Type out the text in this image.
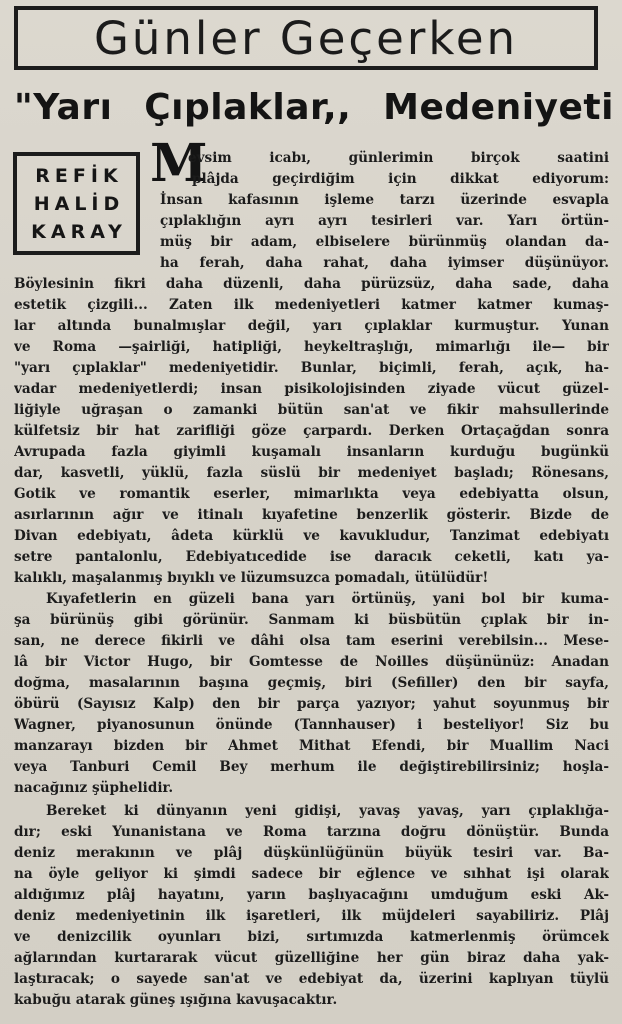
Günler Geçerken
"Yarı Çıplaklar,, Medeniyeti
REFİK
HALİD
KARAY
M
evsim icabı, günlerimin birçok saatini
plâjda geçirdiğim için dikkat ediyorum:
İnsan kafasının işleme tarzı üzerinde esvapla
çıplaklığın ayrı ayrı tesirleri var. Yarı örtün-
müş bir adam, elbiselere bürünmüş olandan da-
ha ferah, daha rahat, daha iyimser düşünüyor.
Böylesinin fikri daha düzenli, daha pürüzsüz, daha sade, daha
estetik çizgili... Zaten ilk medeniyetleri katmer katmer kumaş-
lar altında bunalmışlar değil, yarı çıplaklar kurmuştur. Yunan
ve Roma —şairliği, hatipliği, heykeltraşlığı, mimarlığı ile— bir
"yarı çıplaklar" medeniyetidir. Bunlar, biçimli, ferah, açık, ha-
vadar medeniyetlerdi; insan pisikolojisinden ziyade vücut güzel-
liğiyle uğraşan o zamanki bütün san'at ve fikir mahsullerinde
külfetsiz bir hat zarifliği göze çarpardı. Derken Ortaçağdan sonra
Avrupada fazla giyimli kuşamalı insanların kurduğu bugünkü
dar, kasvetli, yüklü, fazla süslü bir medeniyet başladı; Rönesans,
Gotik ve romantik eserler, mimarlıkta veya edebiyatta olsun,
asırlarının ağır ve itinalı kıyafetine benzerlik gösterir. Bizde de
Divan edebiyatı, âdeta kürklü ve kavukludur, Tanzimat edebiyatı
setre pantalonlu, Edebiyatıcedide ise daracık ceketli, katı ya-
kalıklı, maşalanmış bıyıklı ve lüzumsuzca pomadalı, ütülüdür!
Kıyafetlerin en güzeli bana yarı örtünüş, yani bol bir kuma-
şa bürünüş gibi görünür. Sanmam ki büsbütün çıplak bir in-
san, ne derece fikirli ve dâhi olsa tam eserini verebilsin... Mese-
lâ bir Victor Hugo, bir Gomtesse de Noilles düşününüz: Anadan
doğma, masalarının başına geçmiş, biri (Sefiller) den bir sayfa,
öbürü (Sayısız Kalp) den bir parça yazıyor; yahut soyunmuş bir
Wagner, piyanosunun önünde (Tannhauser) i besteliyor! Siz bu
manzarayı bizden bir Ahmet Mithat Efendi, bir Muallim Naci
veya Tanburi Cemil Bey merhum ile değiştirebilirsiniz; hoşla-
nacağınız şüphelidir.
Bereket ki dünyanın yeni gidişi, yavaş yavaş, yarı çıplaklığa-
dır; eski Yunanistana ve Roma tarzına doğru dönüştür. Bunda
deniz merakının ve plâj düşkünlüğünün büyük tesiri var. Ba-
na öyle geliyor ki şimdi sadece bir eğlence ve sıhhat işi olarak
aldığımız plâj hayatını, yarın başlıyacağını umduğum eski Ak-
deniz medeniyetinin ilk işaretleri, ilk müjdeleri sayabiliriz. Plâj
ve denizcilik oyunları bizi, sırtımızda katmerlenmiş örümcek
ağlarından kurtararak vücut güzelliğine her gün biraz daha yak-
laştıracak; o sayede san'at ve edebiyat da, üzerini kaplıyan tüylü
kabuğu atarak güneş ışığına kavuşacaktır.
